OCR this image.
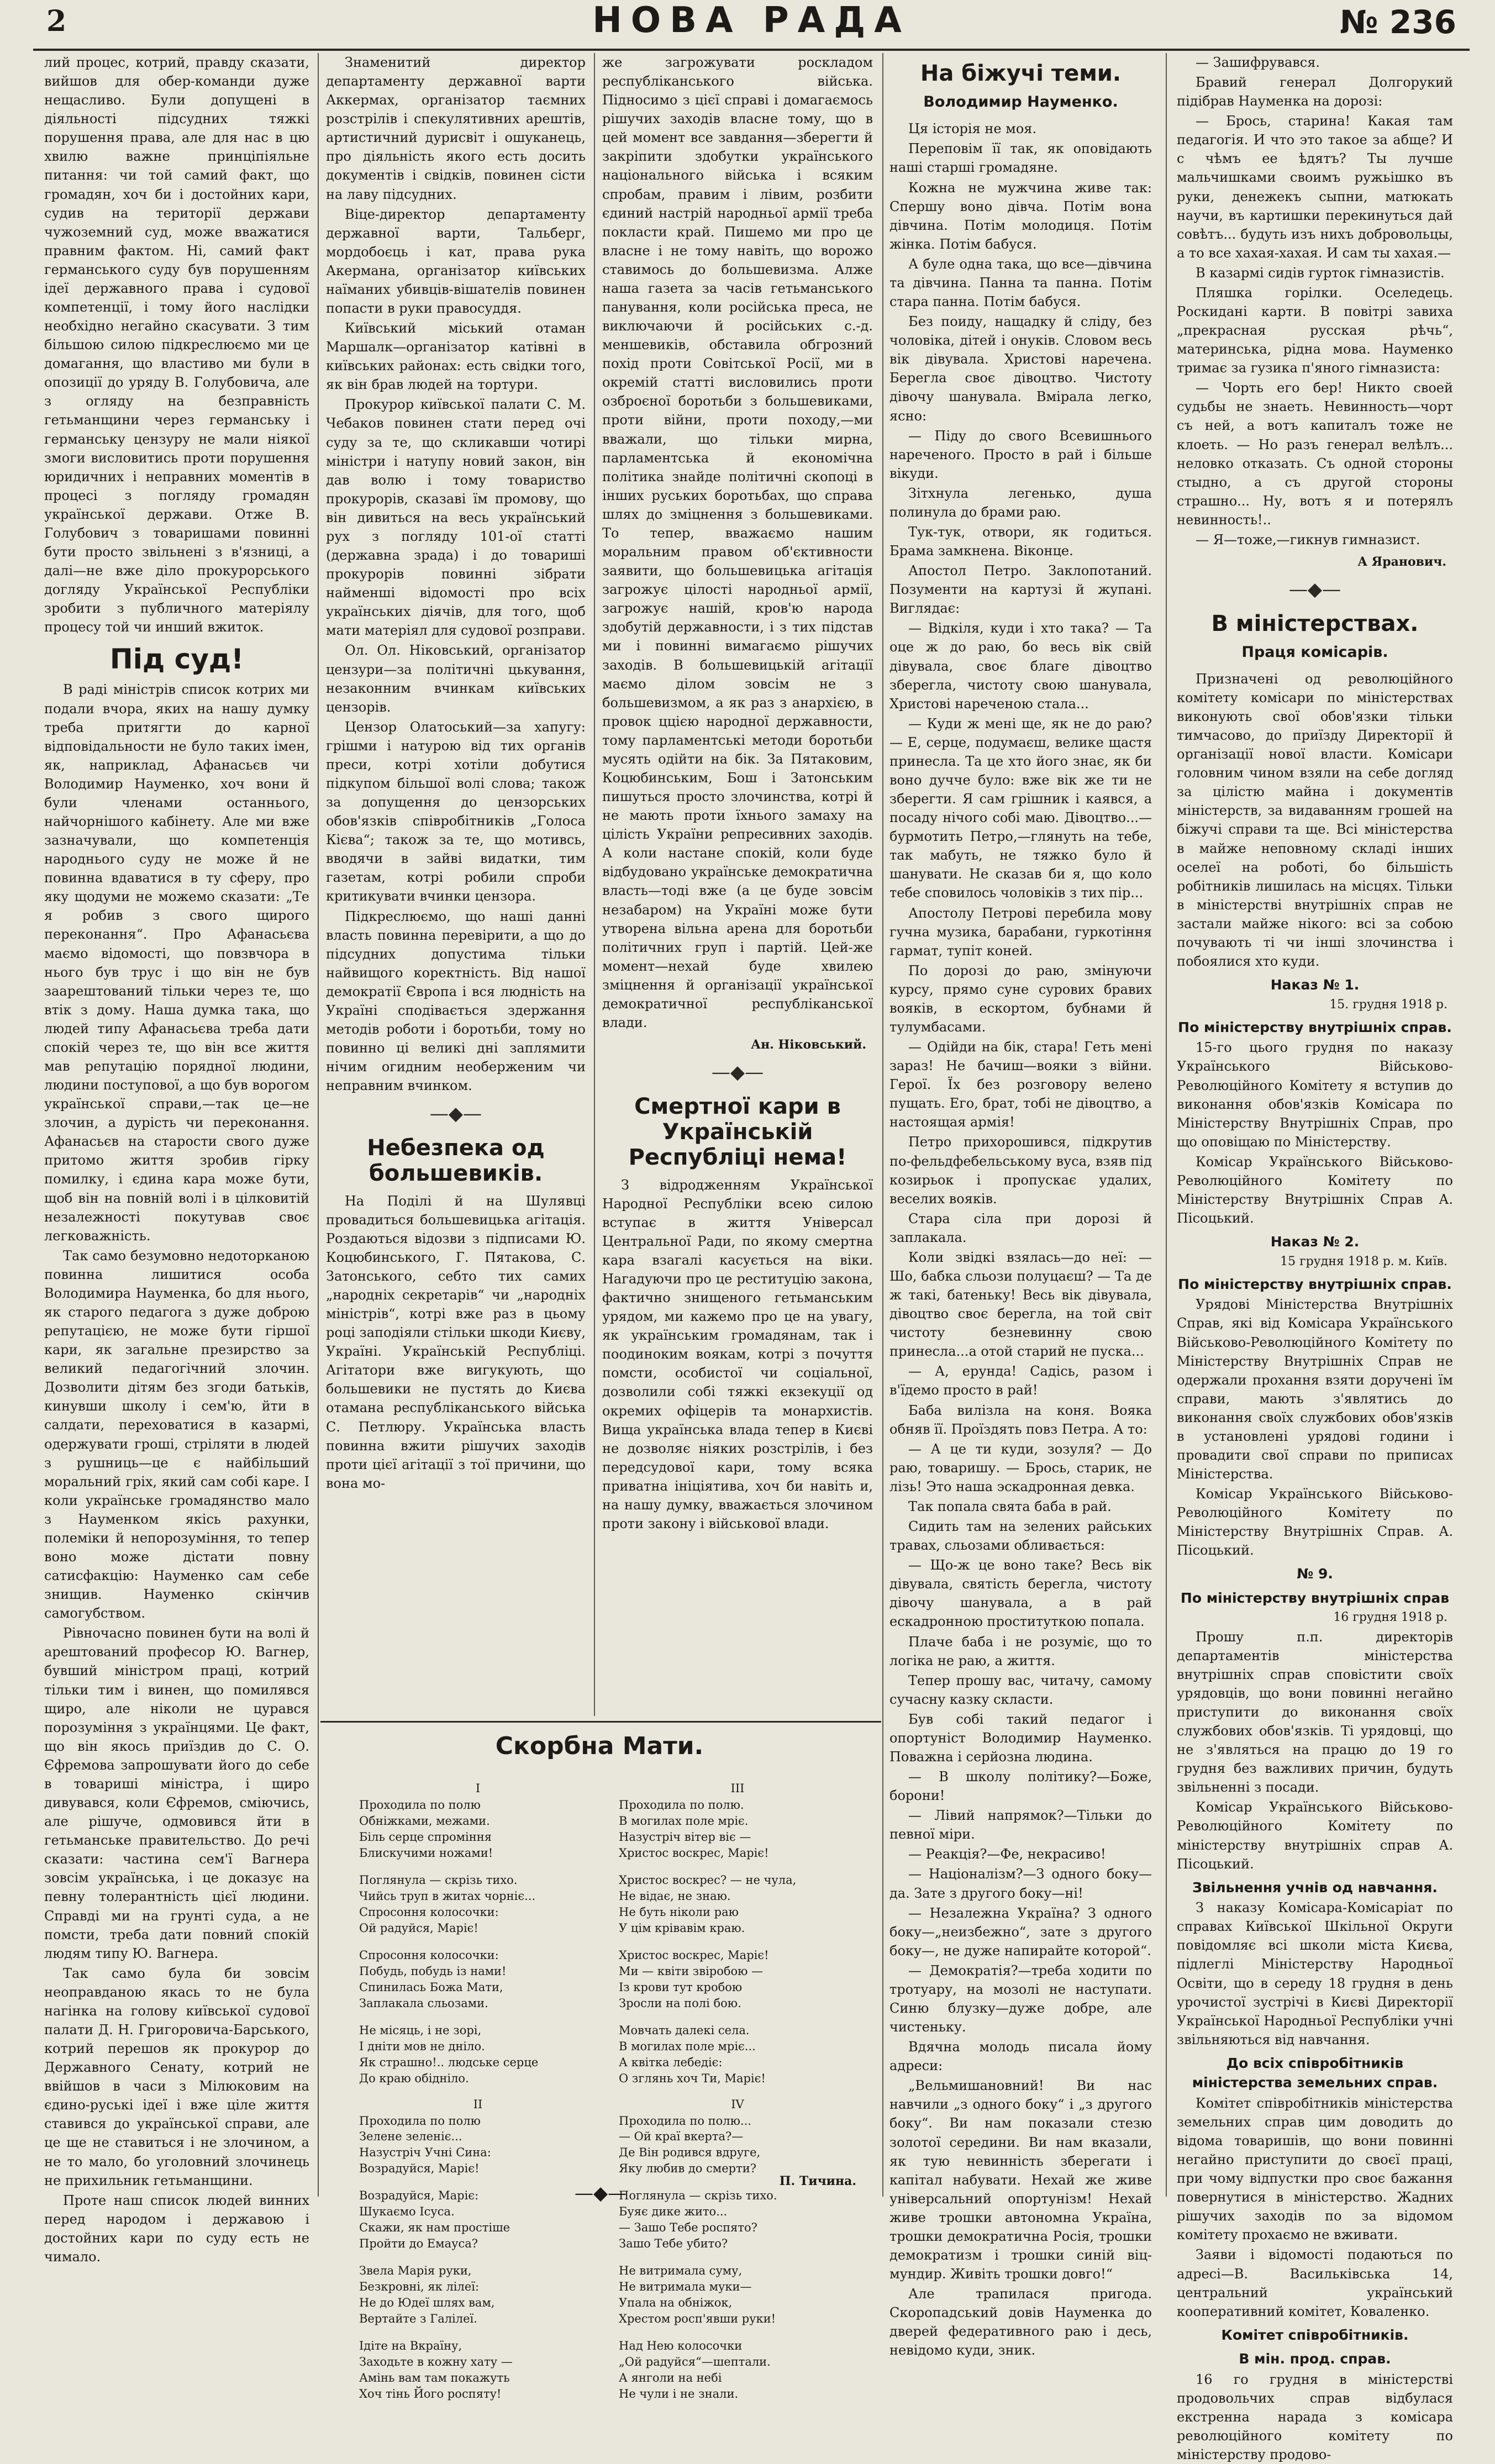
2	НОВА РАДА	№ 236

лий процес, котрий, правду сказати, вийшов для обер-команди дуже нещасливо. Були допущені в діяльності підсудних тяжкі порушення права, але для нас в цю хвилю важне принціпіяльне питання: чи той самий факт, що громадян, хоч би і достойних кари, судив на території держави чужоземний суд, може вважатися правним фактом. Ні, самий факт германського суду був порушенням ідеї державного права і судової компетенції, і тому його наслідки необхідно негайно скасувати. З тим більшою силою підкреслюємо ми це домагання, що властиво ми були в опозиції до уряду В. Голубовича, але з огляду на безправність гетьманщини через германську і германську цензуру не мали ніякої змоги висловитись проти порушення юридичних і неправних моментів в процесі з погляду громадян української держави. Отже В. Голубович з товаришами повинні бути просто звільнені з в'язниці, а далі—не вже діло прокурорського догляду Української Республіки зробити з публичного матеріялу процесу той чи инший вжиток.

Під суд!

В раді міністрів список котрих ми подали вчора, яких на нашу думку треба притягти до карної відповідальности не було таких імен, як, наприклад, Афанасьєв чи Володимир Науменко, хоч вони й були членами останнього, найчорнішого кабінету. Але ми вже зазначували, що компетенція народнього суду не може й не повинна вдаватися в ту сферу, про яку щодуми не можемо сказати: „Те я робив з свого щирого переконання“. Про Афанасьєва маємо відомості, що повзвчора в нього був трус і що він не був заарештований тільки через те, що втік з дому. Наша думка така, що людей типу Афанасьєва треба дати спокій через те, що він все життя мав репутацію порядної людини, людини поступової, а що був ворогом української справи,—так це—не злочин, а дурість чи переконання. Афанасьєв на старости свого дуже притомо життя зробив гірку помилку, і єдина кара може бути, щоб він на повній волі і в цілковитій незалежності покутував своє легковажність.

Так само безумовно недоторканою повинна лишитися особа Володимира Науменка, бо для нього, як старого педагога з дуже доброю репутацією, не може бути гіршої кари, як загальне презирство за великий педагогічний злочин. Дозволити дітям без згоди батьків, кинувши школу і сем'ю, йти в салдати, переховатися в казармі, одержувати гроші, стріляти в людей з рушниць—це є найбільший моральний гріх, який сам собі каре. І коли українське громадянство мало з Науменком якісь рахунки, полеміки й непорозуміння, то тепер воно може дістати повну сатисфакцію: Науменко сам себе знищив. Науменко скінчив самогубством.

Рівночасно повинен бути на волі й арештований професор Ю. Вагнер, бувший міністром праці, котрий тільки тим і винен, що помилявся щиро, але ніколи не цурався порозуміння з українцями. Це факт, що він якось приїздив до С. О. Єфремова запрошувати його до себе в товариші міністра, і щиро дивувався, коли Єфремов, сміючись, але рішуче, одмовився йти в гетьманське правительство. До речі сказати: частина сем'ї Вагнера зовсім українська, і це доказує на певну толерантність цієї людини. Справді ми на грунті суда, а не помсти, треба дати повний спокій людям типу Ю. Вагнера.

Так само була би зовсім неоправданою якась то не була нагінка на голову київської судової палати Д. Н. Григоровича-Барського, котрий перешов як прокурор до Державного Сенату, котрий не ввійшов в часи з Мілюковим на єдино-руські ідеї і вже ціле життя ставився до української справи, але це ще не ставиться і не злочином, а не то мало, бо уголовний злочинець не прихильник гетьманщини.

Проте наш список людей винних перед народом і державою і достойних кари по суду есть не чимало.

Знаменитий директор департаменту державної варти Аккермах, організатор таємних розстрілів і спекулятивних арештів, артистичний дурисвіт і ошуканець, про діяльність якого есть досить документів і свідків, повинен сісти на лаву підсудних.

Віце-директор департаменту державної варти, Тальберг, мордобоєць і кат, права рука Акермана, організатор київських наїманих убивців-вішателів повинен попасти в руки правосуддя.

Київський міський отаман Маршалк—організатор катівні в київських районах: есть свідки того, як він брав людей на тортури.

Прокурор київської палати С. М. Чебаков повинен стати перед очі суду за те, що скликавши чотирі міністри і натупу новий закон, він дав волю і тому товариство прокурорів, сказаві їм промову, що він дивиться на весь український рух з погляду 101-ої статті (державна зрада) і до товариші прокурорів повинні зібрати найменші відомості про всіх українських діячів, для того, щоб мати матеріял для судової розправи.

Ол. Ол. Ніковський, організатор цензури—за політичні цькування, незаконним вчинкам київських цензорів.

Цензор Олатоський—за хапугу: грішми і натурою від тих органів преси, котрі хотіли добутися підкупом більшої волі слова; також за допущення до цензорських обов'язків співробітників „Голоса Кієва“; також за те, що мотивсь, вводячи в зайві видатки, тим газетам, котрі робили спроби критикувати вчинки цензора.

Підкреслюємо, що наші данні власть повинна перевірити, а що до підсудних допустима тільки найвищого коректність. Від нашої демократії Європа і вся людність на Україні сподівається здержання методів роботи і боротьби, тому но повинно ці великі дні заплямити нічим огидним необерженим чи неправним вчинком.

—◆—
Небезпека од большевиків.

На Поділі й на Шулявці провадиться большевицька агітація. Роздаються відозви з підписами Ю. Коцюбинського, Г. Пятакова, С. Затонського, себто тих самих „народніх секретарів“ чи „народніх міністрів“, котрі вже раз в цьому році заподіяли стільки шкоди Києву, Україні. Українській Республіці. Агітатори вже вигукують, що большевики не пустять до Києва отамана республіканського війська С. Петлюру. Українська власть повинна вжити рішучих заходів проти цієї агітації з тої причини, що вона мо-

же загрожувати роскладом республіканського війська. Підносимо з цієї справі і домагаємось рішучих заходів власне тому, що в цей момент все завдання—зберегти й закріпити здобутки українського національного війська і всяким спробам, правим і лівим, розбити єдиний настрій народньої армії треба покласти край. Пишемо ми про це власне і не тому навіть, що ворожо ставимось до большевизма. Алже наша газета за часів гетьманського панування, коли російська преса, не виключаючи й російських с.-д. меншевиків, обставила обгрозний похід проти Совітської Росії, ми в окремій статті висловились проти озброєної боротьби з большевиками, проти війни, проти походу,—ми вважали, що тільки мирна, парламентська й економічна політика знайде політичні скопоці в інших руських боротьбах, що справа шлях до зміцнення з большевиками. То тепер, вважаємо нашим моральним правом об'єктивности заявити, що большевицька агітація загрожує цілості народньої армії, загрожує нашій, кров'ю народа здобутій державности, і з тих підстав ми і повинні вимагаємо рішучих заходів. В большевицькій агітації маємо ділом зовсім не з большевизмом, а як раз з анархією, в провок ццією народної державности, тому парламентські методи боротьби мусять одійти на бік. За Пятаковим, Коцюбинським, Бош і Затонським пишуться просто злочинства, котрі й не мають проти їхнього замаху на цілість України репресивних заходів. А коли настане спокій, коли буде відбудовано українське демократична власть—тоді вже (а це буде зовсім незабаром) на Україні може бути утворена вільна арена для боротьби політичних груп і партій. Цей-же момент—нехай буде хвилею зміцнення й організації української демократичної республіканської влади.

Ан. Ніковський.
—◆—
Смертної кари в Українській Республіці нема!

З відродженням Української Народної Республіки всею силою вступає в життя Універсал Центральної Ради, по якому смертна кара взагалі касується на віки. Нагадуючи про це реституцію закона, фактично знищеного гетьманським урядом, ми кажемо про це на увагу, як українським громадянам, так і поодиноким воякам, котрі з почуття помсти, особистої чи соціальної, дозволили собі тяжкі екзекуції од окремих офіцерів та монархистів. Вища українська влада тепер в Києві не дозволяє ніяких розстрілів, і без передсудової кари, тому всяка приватна ініціятива, хоч би навіть и, на нашу думку, вважається злочином проти закону і військової влади.

Скорбна Мати.
I
Проходила по полю
Обніжками, межами.
Біль серце спроміння
Блискучими ножами!
Поглянула — скрізь тихо.
Чийсь труп в житах чорніє...
Спросоння колосочки:
Ой радуйся, Маріє!
Спросоння колосочки:
Побудь, побудь із нами!
Спинилась Божа Мати,
Заплакала сльозами.
Не місяць, і не зорі,
І дніти мов не дніло.
Як страшно!.. людське серце
До краю обідніло.
II
Проходила по полю
Зелене зеленіє...
Назустріч Учні Сина:
Возрадуйся, Маріє!
Возрадуйся, Маріє:
Шукаємо Ісуса.
Скажи, як нам простіше
Пройти до Емауса?
Звела Марія руки,
Безкровні, як лілеї:
Не до Юдеї шлях вам,
Вертайте з Галілеї.
Ідіте на Вкраїну,
Заходьте в кожну хату —
Амінь вам там покажуть
Хоч тінь Його роспяту!
III
Проходила по полю.
В могилах поле мріє.
Назустріч вітер віє —
Христос воскрес, Маріє!
Христос воскрес? — не чула,
Не відає, не знаю.
Не буть ніколи раю
У цім крівавім краю.
Христос воскрес, Маріє!
Ми — квіти звіробою —
Із крови тут кробою
Зросли на полі бою.
Мовчать далекі села.
В могилах поле мріє...
А квітка лебедіє:
О зглянь хоч Ти, Маріє!
IV
Проходила по полю...
— Ой краї вкерта?—
Де Він родився вдруге,
Яку любив до смерти?
Поглянула — скрізь тихо.
Буяє дике жито...
— Зашо Тебе роспято?
Зашо Тебе убито?
Не витримала суму,
Не витримала муки—
Упала на обніжок,
Хрестом росп'явши руки!
Над Нею колосочки
„Ой радуйся“—шептали.
А янголи на небі
Не чули і не знали.
П. Тичина.
—◆—
На біжучі теми.
Володимир Науменко.

Ця історія не моя.

Переповім її так, як оповідають наші старші громадяне.

Кожна не мужчина живе так: Спершу воно дівча. Потім вона дівчина. Потім молодиця. Потім жінка. Потім бабуся.

А буле одна така, що все—дівчина та дівчина. Панна та панна. Потім стара панна. Потім бабуся.

Без поиду, нащадку й сліду, без чоловіка, дітей і онуків. Словом весь вік дівувала. Христові наречена. Берегла своє дівоцтво. Чистоту дівочу шанувала. Вмірала легко, ясно:

— Піду до свого Всевишнього нареченого. Просто в рай і більше вікуди.

Зітхнула легенько, душа полинула до брами раю.

Тук-тук, отвори, як годиться. Брама замкнена. Віконце.

Апостол Петро. Заклопотаний. Позументи на картузі й жупані. Виглядає:

— Відкіля, куди і хто така? — Та оце ж до раю, бо весь вік свій дівувала, своє благе дівоцтво зберегла, чистоту свою шанувала, Христові нареченою стала...

— Куди ж мені ще, як не до раю? — Е, серце, подумаєш, велике щастя принесла. Та це хто його знає, як би воно дучче було: вже вік же ти не зберегти. Я сам грішник і каявся, а посаду нічого собі маю. Дівоцтво...—бурмотить Петро,—глянуть на тебе, так мабуть, не тяжко було й шанувати. Не сказав би я, що коло тебе сповилось чоловіків з тих пір...

Апостолу Петрові перебила мову гучна музика, барабани, гуркотіння гармат, тупіт коней.

По дорозі до раю, змінуючи курсу, прямо суне сурових бравих вояків, в ескортом, бубнами й тулумбасами.

— Одійди на бік, стара! Геть мені зараз! Не бачиш—вояки з війни. Герої. Їх без розговору велено пущать. Его, брат, тобі не дівоцтво, а настоящая армія!

Петро прихорошився, підкрутив по-фельдфебельському вуса, взяв під козирьок і пропускає удалих, веселих вояків.

Стара сіла при дорозі й заплакала.

Коли звідкі взялась—до неї: — Шо, бабка сльози полуцаєш? — Та де ж такі, батеньку! Весь вік дівувала, дівоцтво своє берегла, на той світ чистоту безневинну свою принесла...а отой старий не пуска...

— А, ерунда! Садісь, разом і в'їдемо просто в рай!

Баба вилізла на коня. Воякa обняв її. Проїздять повз Петра. А то:

— А це ти куди, зозуля? — До раю, товаришу. — Брось, старик, не лізь! Это наша эскадронная девка.

Так попала свята баба в рай.

Сидить там на зелених райських травах, сльозами обливається:

— Що-ж це воно таке? Весь вік дівувала, святість берегла, чистоту дівочу шанувала, а в рай ескадронною проституткою попала.

Плаче баба і не розуміє, що то логіка не раю, а життя.

Тепер прошу вас, читачу, самому сучасну казку скласти.

Був собі такий педагог і опортуніст Володимир Науменко. Поважна і серйозна людина.

— В школу політику?—Боже, борони!

— Лівий напрямок?—Тільки до певної міри.

— Реакція?—Фе, некрасиво!

— Націоналізм?—З одного боку—да. Зате з другого боку—ні!

— Незалежна Україна? З одного боку—„неизбежно“, зате з другого боку—, не дуже напирайте которой“.

— Демократія?—треба ходити по тротуару, на мозолі не наступати. Синю блузку—дуже добре, але чистеньку.

Вдячна молодь писала йому адреси:

„Вельмишановний! Ви нас навчили „з одного боку“ і „з другого боку“. Ви нам показали стезю золотої середини. Ви нам вказали, як тую невинність зберегати і капітал набувати. Нехай же живе універсальний опортунізм! Нехай живе трошки автономна Україна, трошки демократична Росія, трошки демократизм і трошки синій віц-мундир. Живіть трошки довго!“

Але трапилася пригода. Скоропадський довів Науменка до дверей федеративного раю і десь, невідомо куди, зник.

— Зашифрувався.

Бравий генерал Долгорукий підібрав Науменка на дорозі:

— Брось, старина! Какая там педагогія. И что это такое за абще? И с чѣмъ ее ѣдятъ? Ты лучше мальчишками своимъ ружьішко въ руки, денежекъ сыпни, матюкать научи, въ картишки перекинуться дай совѣтъ... будуть изъ нихъ добровольцы, а то все хахая-хахая. И сам ты хахая.—

В казармі сидів гурток гімназистів.

Пляшка горілки. Оселедець. Роскидані карти. В повітрі завиха „прекрасная русская рѣчь“, материнська, рідна мова. Науменко тримає за гузика п'яного гімназиста:

— Чорть его бер! Никто своей судьбы не знаеть. Невинность—чорт съ ней, а вотъ капиталъ тоже не клоеть. — Но разъ генерал велѣлъ... неловко отказать. Съ одной стороны стыдно, а съ другой стороны страшно... Ну, вотъ я и потерялъ невинность!..

— Я—тоже,—гикнув гимназист.

А Яранович.
—◆—
В міністерствах.
Праця комісарів.

Призначені од революційного комітету комісари по міністерствах виконують свої обов'язки тільки тимчасово, до приїзду Директорії й організації нової власти. Комісари головним чином взяли на себе догляд за цілістю майна і документів міністерств, за видаванням грошей на біжучі справи та ще. Всі міністерства в майже неповному складі інших оселеї на роботі, бо більшість робітників лишилась на місцях. Тільки в міністерстві внутрішніх справ не застали майже нікого: всі за собою почувають ті чи інші злочинства і побоялися хто куди.

Наказ № 1.
15. грудня 1918 р.
По міністерству внутрішніх справ.

15-го цього грудня по наказу Українського Військово-Революційного Комітету я вступив до виконання обов'язків Комісара по Міністерству Внутрішніх Справ, про що оповіщаю по Міністерству.

Комісар Українського Військово-Революційного Комітету по Міністерству Внутрішніх Справ А. Пісоцький.

Наказ № 2.
15 грудня 1918 р. м. Київ.
По міністерству внутрішніх справ.

Урядові Міністерства Внутрішніх Справ, які від Комісара Українського Військово-Революційного Комітету по Міністерству Внутрішніх Справ не одержали прохання взяти доручені їм справи, мають з'являтись до виконання своїх службових обов'язків в установлені урядові години і провадити свої справи по приписах Міністерства.

Комісар Українського Військово-Революційного Комітету по Міністерству Внутрішніх Справ. А. Пісоцький.

№ 9.
По міністерству внутрішніх справ
16 грудня 1918 р.

Прошу п.п. директорів департаментів міністерства внутрішніх справ сповістити своїх урядовців, що вони повинні негайно приступити до виконання своїх службових обов'язків. Ті урядовці, що не з'являться на працю до 19 го грудня без важливих причин, будуть звільненні з посади.

Комісар Українського Військово-Революційного Комітету по міністерству внутрішніх справ А. Пісоцький.

Звільнення учнів од навчання.

З наказу Комісара-Комісаріат по справах Київської Шкільної Округи повідомляє всі школи міста Києва, підлеглі Міністерству Народньої Освіти, що в середу 18 грудня в день урочистої зустрічі в Києві Директорії Української Народньої Республіки учні звільняються від навчання.

До всіх співробітників міністерства земельних справ.

Комітет співробітників міністерства земельних справ цим доводить до відома товаришів, що вони повинні негайно приступити до своєї праці, при чому відпустки про своє бажання повернутися в міністерство. Жадних рішучих заходів по за відомом комітету прохаємо не вживати.

Заяви і відомості подаються по адресі—В. Васильківська 14, центральний український кооперативний комітет, Коваленко.

Комітет співробітників.
В мін. прод. справ.

16 го грудня в міністерстві продовольчих справ відбулася екстренна нарада з комісара революційного комітету по міністерству продово-
